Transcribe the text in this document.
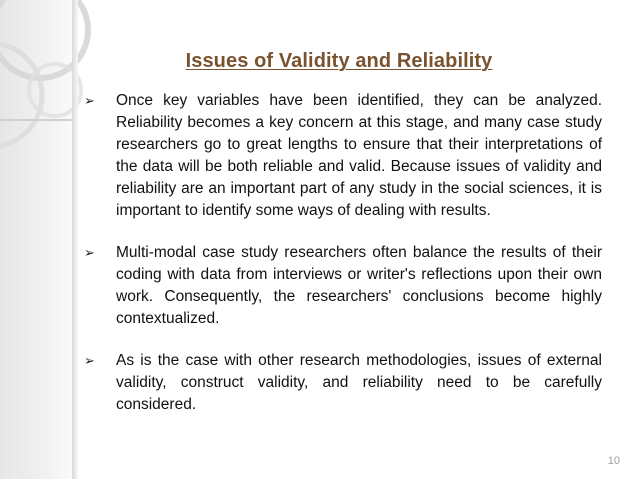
Issues of Validity and Reliability
➢	Once key variables have been identified, they can be analyzed. Reliability becomes a key concern at this stage, and many case study researchers go to great lengths to ensure that their interpretations of the data will be both reliable and valid. Because issues of validity and reliability are an important part of any study in the social sciences, it is important to identify some ways of dealing with results.
➢	Multi-modal case study researchers often balance the results of their coding with data from interviews or writer's reflections upon their own work. Consequently, the researchers' conclusions become highly contextualized.
➢	As is the case with other research methodologies, issues of external validity, construct validity, and reliability need to be carefully considered.
10
